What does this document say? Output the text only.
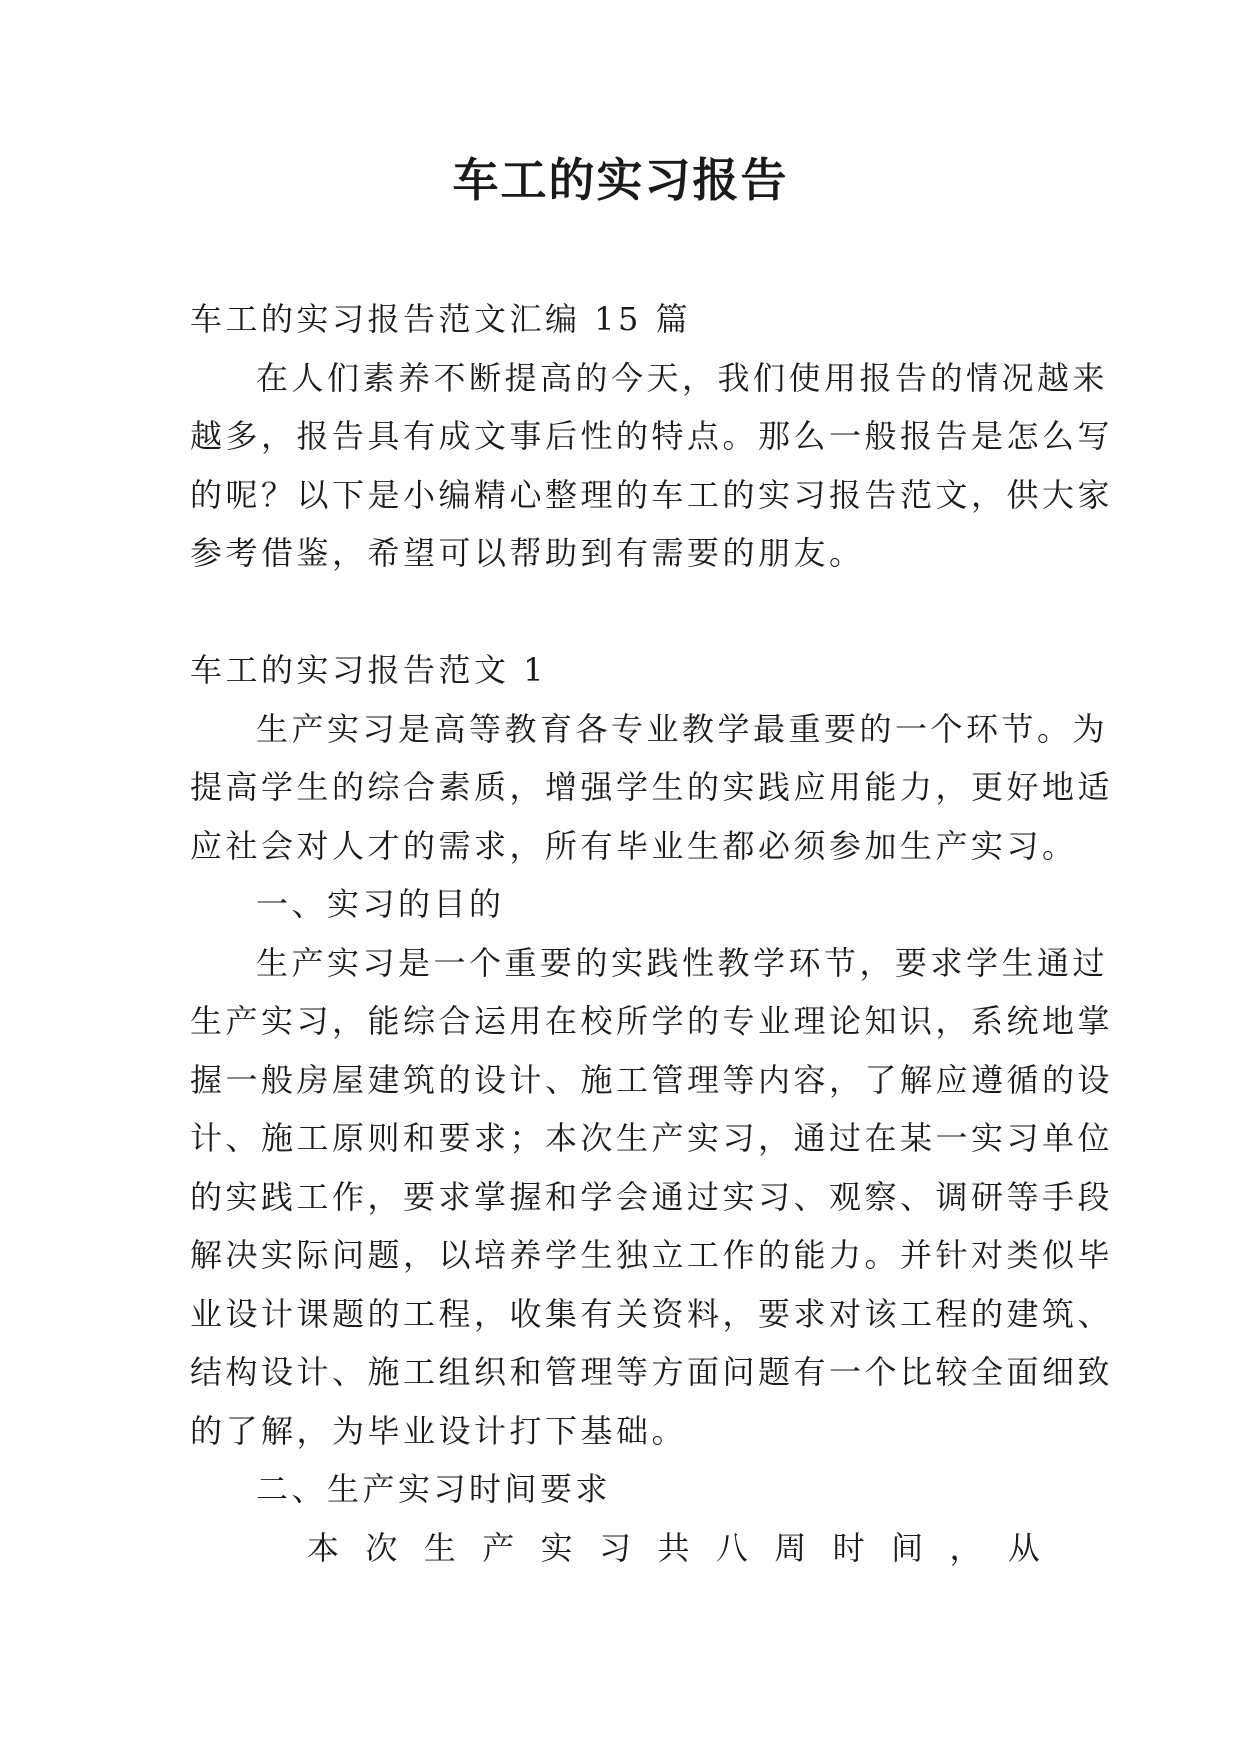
车工的实习报告

车工的实习报告范文汇编 15 篇

在人们素养不断提高的今天，我们使用报告的情况越来

越多，报告具有成文事后性的特点。那么一般报告是怎么写

的呢？以下是小编精心整理的车工的实习报告范文，供大家

参考借鉴，希望可以帮助到有需要的朋友。

车工的实习报告范文 1

生产实习是高等教育各专业教学最重要的一个环节。为

提高学生的综合素质，增强学生的实践应用能力，更好地适

应社会对人才的需求，所有毕业生都必须参加生产实习。

一、实习的目的

生产实习是一个重要的实践性教学环节，要求学生通过

生产实习，能综合运用在校所学的专业理论知识，系统地掌

握一般房屋建筑的设计、施工管理等内容，了解应遵循的设

计、施工原则和要求；本次生产实习，通过在某一实习单位

的实践工作，要求掌握和学会通过实习、观察、调研等手段

解决实际问题，以培养学生独立工作的能力。并针对类似毕

业设计课题的工程，收集有关资料，要求对该工程的建筑、

结构设计、施工组织和管理等方面问题有一个比较全面细致

的了解，为毕业设计打下基础。

二、生产实习时间要求

本 次 生 产 实 习 共 八 周 时 间 ， 从
